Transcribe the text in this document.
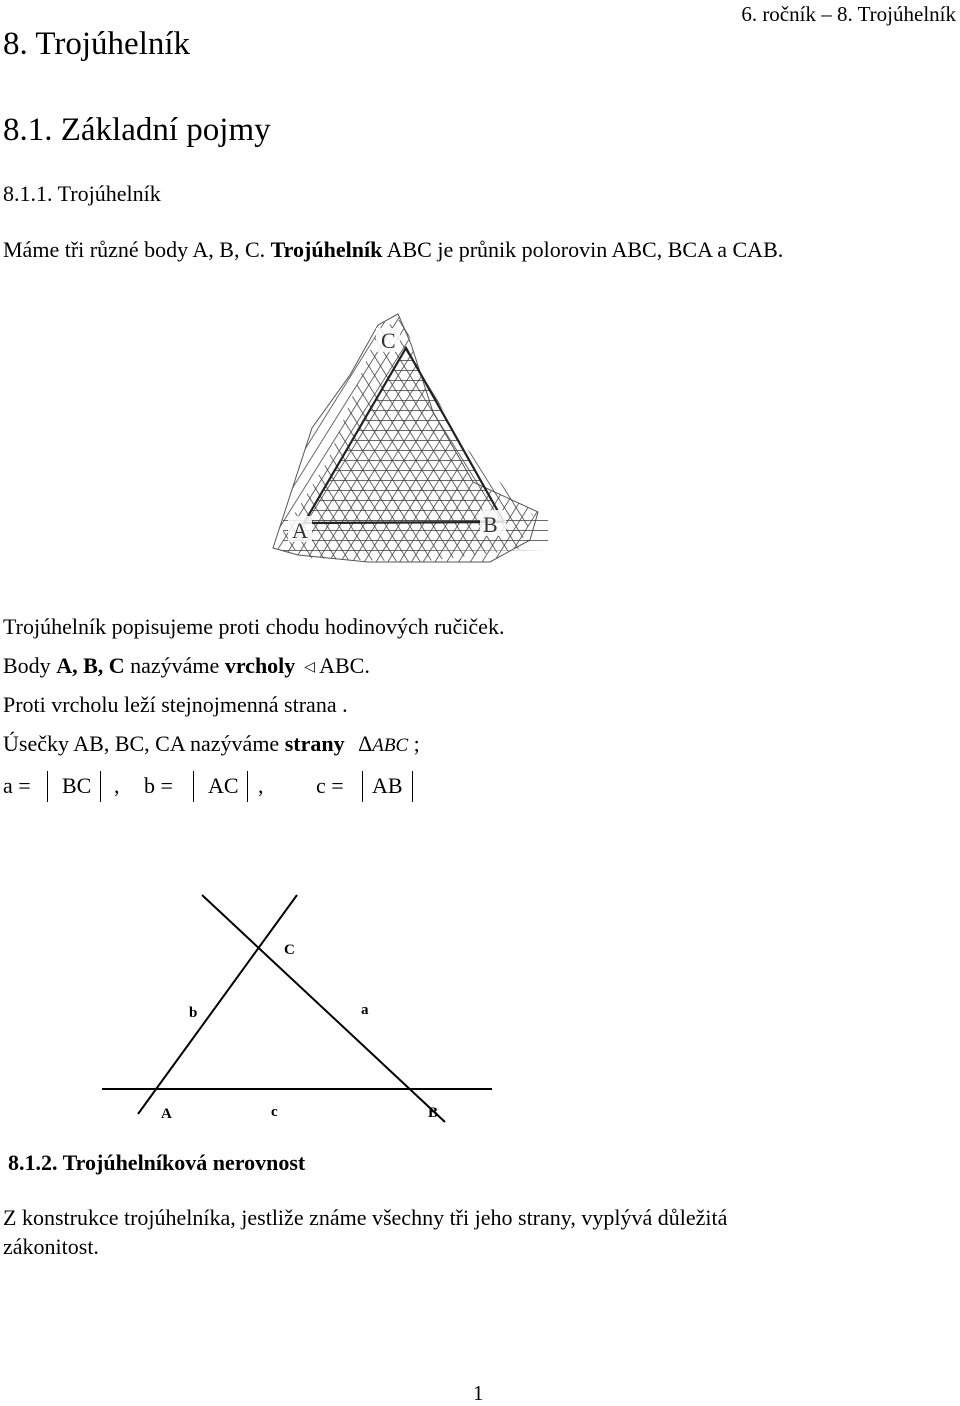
6. ročník – 8. Trojúhelník
8. Trojúhelník
8.1. Základní pojmy
8.1.1. Trojúhelník
Máme tři různé body A, B, C. Trojúhelník ABC je průnik polorovin ABC, BCA a CAB.
C
A	B
Trojúhelník popisujeme proti chodu hodinových ručiček.
Body A, B, C nazýváme vrcholy ◁ ABC.
Proti vrcholu leží stejnojmenná strana .
Úsečky AB, BC, CA nazýváme strany ΔABC ;
a = BC , b = AC , c = AB
C
b	a
A	c	B
8.1.2. Trojúhelníková nerovnost
Z konstrukce trojúhelníka, jestliže známe všechny tři jeho strany, vyplývá důležitá
zákonitost.
1
